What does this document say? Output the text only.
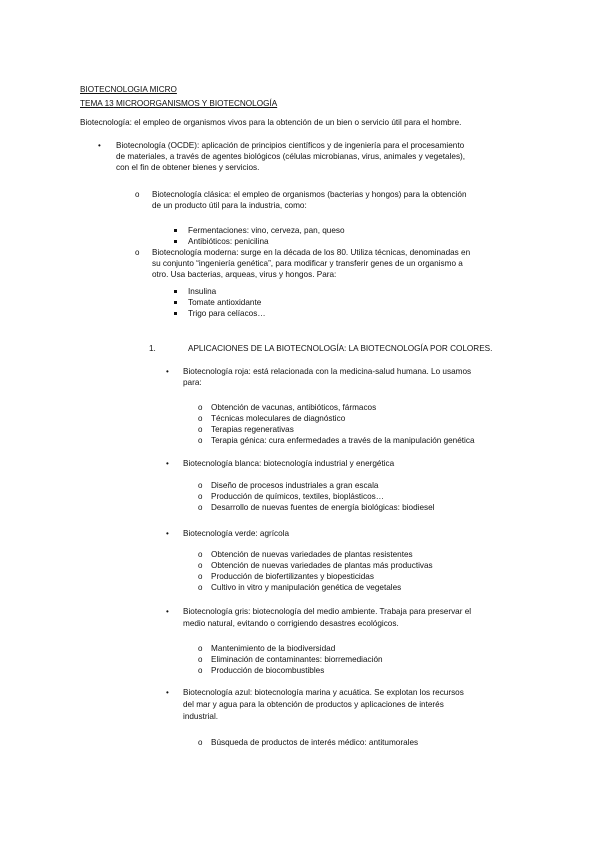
BIOTECNOLOGIA MICRO
TEMA 13 MICROORGANISMOS Y BIOTECNOLOGÍA
Biotecnología: el empleo de organismos vivos para la obtención de un bien o servicio útil para el hombre.
• Biotecnología (OCDE): aplicación de principios científicos y de ingeniería para el procesamiento
de materiales, a través de agentes biológicos (células microbianas, virus, animales y vegetales),
con el fin de obtener bienes y servicios.
o Biotecnología clásica: el empleo de organismos (bacterias y hongos) para la obtención
de un producto útil para la industria, como:
Fermentaciones: vino, cerveza, pan, queso
Antibióticos: penicilina
o Biotecnología moderna: surge en la década de los 80. Utiliza técnicas, denominadas en
su conjunto “ingeniería genética”, para modificar y transferir genes de un organismo a
otro. Usa bacterias, arqueas, virus y hongos. Para:
Insulina
Tomate antioxidante
Trigo para celíacos…
1.	APLICACIONES DE LA BIOTECNOLOGÍA: LA BIOTECNOLOGÍA POR COLORES.
• Biotecnología roja: está relacionada con la medicina-salud humana. Lo usamos
para:
o Obtención de vacunas, antibióticos, fármacos
o Técnicas moleculares de diagnóstico
o Terapias regenerativas
o Terapia génica: cura enfermedades a través de la manipulación genética
• Biotecnología blanca: biotecnología industrial y energética
o Diseño de procesos industriales a gran escala
o Producción de químicos, textiles, bioplásticos…
o Desarrollo de nuevas fuentes de energía biológicas: biodiesel
• Biotecnología verde: agrícola
o Obtención de nuevas variedades de plantas resistentes
o Obtención de nuevas variedades de plantas más productivas
o Producción de biofertilizantes y biopesticidas
o Cultivo in vitro y manipulación genética de vegetales
• Biotecnología gris: biotecnología del medio ambiente. Trabaja para preservar el
medio natural, evitando o corrigiendo desastres ecológicos.
o Mantenimiento de la biodiversidad
o Eliminación de contaminantes: biorremediación
o Producción de biocombustibles
• Biotecnología azul: biotecnología marina y acuática. Se explotan los recursos
del mar y agua para la obtención de productos y aplicaciones de interés
industrial.
o Búsqueda de productos de interés médico: antitumorales
